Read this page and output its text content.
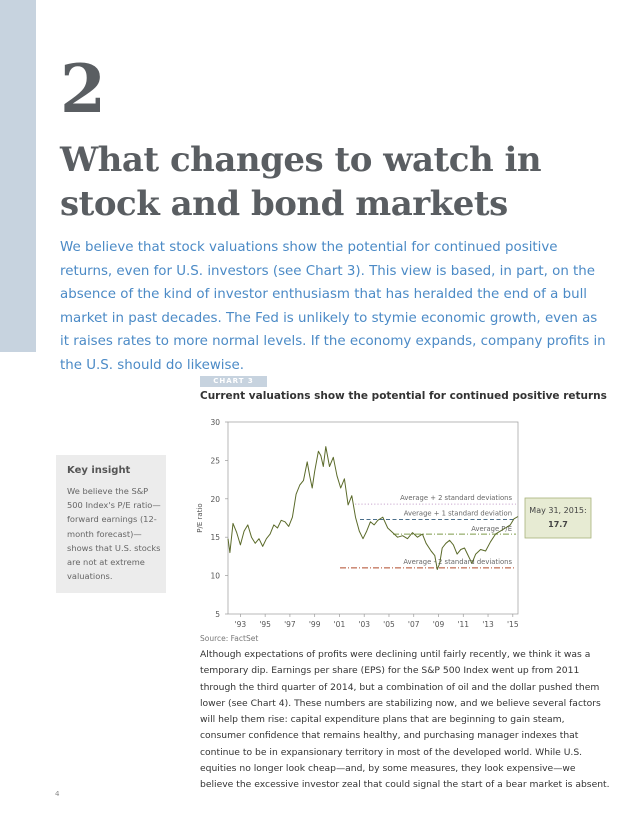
2
What changes to watch in stock and bond markets

We believe that stock valuations show the potential for continued positive returns, even for U.S. investors (see Chart 3). This view is based, in part, on the absence of the kind of investor enthusiasm that has heralded the end of a bull market in past decades. The Fed is unlikely to stymie economic growth, even as it raises rates to more normal levels. If the economy expands, company profits in the U.S. should do likewise.

CHART 3
Current valuations show the potential for continued positive returns
Key insight

We believe the S&P 500 Index's P/E ratio—forward earnings (12-month forecast)—shows that U.S. stocks are not at extreme valuations.

5
10
15
20
25
30
'93 '95 '97 '99 '01 '03 '05 '07 '09 '11 '13 '15
P/E ratio
Average + 2 standard deviations
Average + 1 standard deviation
Average P/E
Average - 2 standard deviations
May 31, 2015:
17.7
Source: FactSet

Although expectations of profits were declining until fairly recently, we think it was a temporary dip. Earnings per share (EPS) for the S&P 500 Index went up from 2011 through the third quarter of 2014, but a combination of oil and the dollar pushed them lower (see Chart 4). These numbers are stabilizing now, and we believe several factors will help them rise: capital expenditure plans that are beginning to gain steam, consumer confidence that remains healthy, and purchasing manager indexes that continue to be in expansionary territory in most of the developed world. While U.S. equities no longer look cheap—and, by some measures, they look expensive—we believe the excessive investor zeal that could signal the start of a bear market is absent.

4
